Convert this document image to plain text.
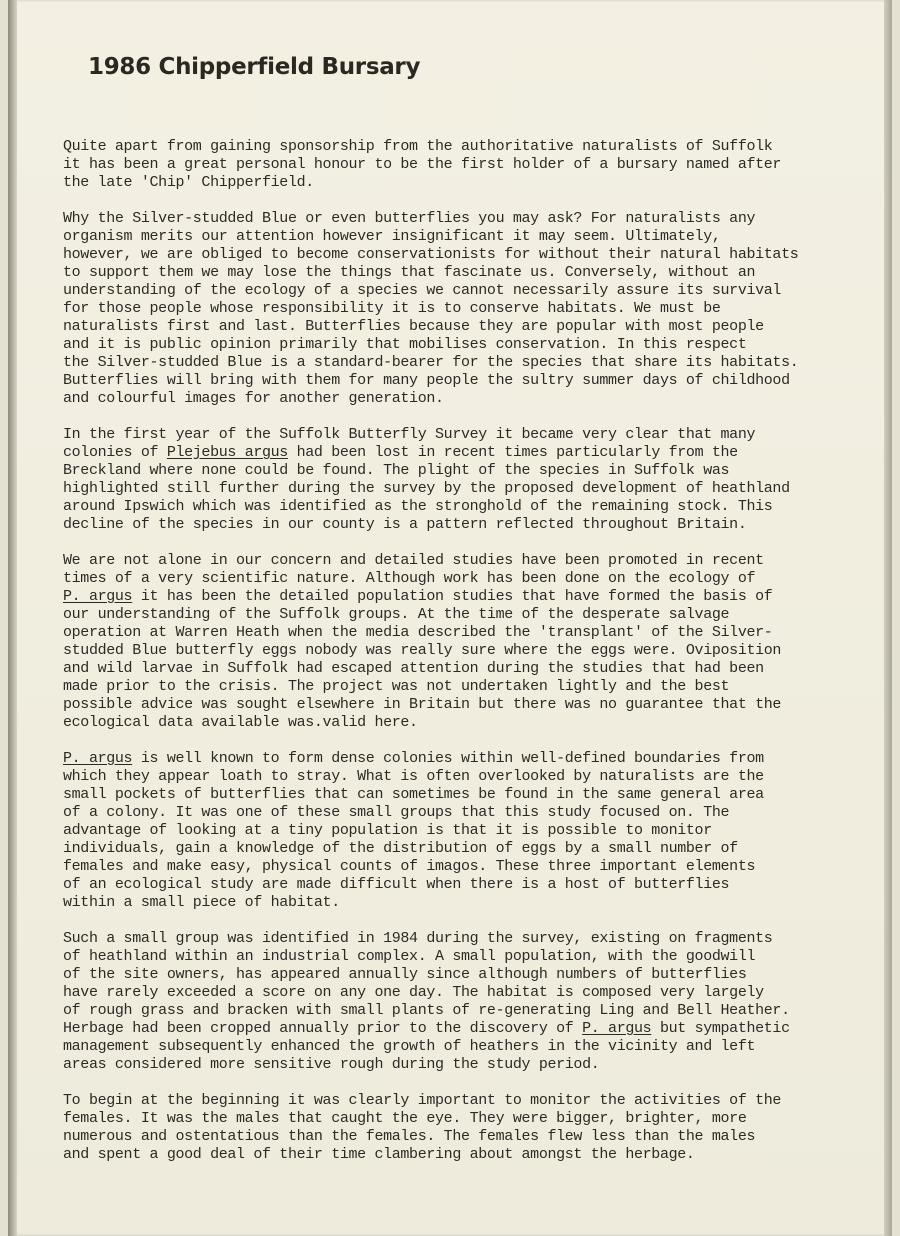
1986 Chipperfield Bursary
Quite apart from gaining sponsorship from the authoritative naturalists of Suffolk
it has been a great personal honour to be the first holder of a bursary named after
the late 'Chip' Chipperfield.
Why the Silver-studded Blue or even butterflies you may ask? For naturalists any
organism merits our attention however insignificant it may seem. Ultimately,
however, we are obliged to become conservationists for without their natural habitats
to support them we may lose the things that fascinate us. Conversely, without an
understanding of the ecology of a species we cannot necessarily assure its survival
for those people whose responsibility it is to conserve habitats. We must be
naturalists first and last. Butterflies because they are popular with most people
and it is public opinion primarily that mobilises conservation. In this respect
the Silver-studded Blue is a standard-bearer for the species that share its habitats.
Butterflies will bring with them for many people the sultry summer days of childhood
and colourful images for another generation.
In the first year of the Suffolk Butterfly Survey it became very clear that many
colonies of Plejebus argus had been lost in recent times particularly from the
Breckland where none could be found. The plight of the species in Suffolk was
highlighted still further during the survey by the proposed development of heathland
around Ipswich which was identified as the stronghold of the remaining stock. This
decline of the species in our county is a pattern reflected throughout Britain.
We are not alone in our concern and detailed studies have been promoted in recent
times of a very scientific nature. Although work has been done on the ecology of
P. argus it has been the detailed population studies that have formed the basis of
our understanding of the Suffolk groups. At the time of the desperate salvage
operation at Warren Heath when the media described the 'transplant' of the Silver-
studded Blue butterfly eggs nobody was really sure where the eggs were. Oviposition
and wild larvae in Suffolk had escaped attention during the studies that had been
made prior to the crisis. The project was not undertaken lightly and the best
possible advice was sought elsewhere in Britain but there was no guarantee that the
ecological data available was.valid here.
P. argus is well known to form dense colonies within well-defined boundaries from
which they appear loath to stray. What is often overlooked by naturalists are the
small pockets of butterflies that can sometimes be found in the same general area
of a colony. It was one of these small groups that this study focused on. The
advantage of looking at a tiny population is that it is possible to monitor
individuals, gain a knowledge of the distribution of eggs by a small number of
females and make easy, physical counts of imagos. These three important elements
of an ecological study are made difficult when there is a host of butterflies
within a small piece of habitat.
Such a small group was identified in 1984 during the survey, existing on fragments
of heathland within an industrial complex. A small population, with the goodwill
of the site owners, has appeared annually since although numbers of butterflies
have rarely exceeded a score on any one day. The habitat is composed very largely
of rough grass and bracken with small plants of re-generating Ling and Bell Heather.
Herbage had been cropped annually prior to the discovery of P. argus but sympathetic
management subsequently enhanced the growth of heathers in the vicinity and left
areas considered more sensitive rough during the study period.
To begin at the beginning it was clearly important to monitor the activities of the
females. It was the males that caught the eye. They were bigger, brighter, more
numerous and ostentatious than the females. The females flew less than the males
and spent a good deal of their time clambering about amongst the herbage.
